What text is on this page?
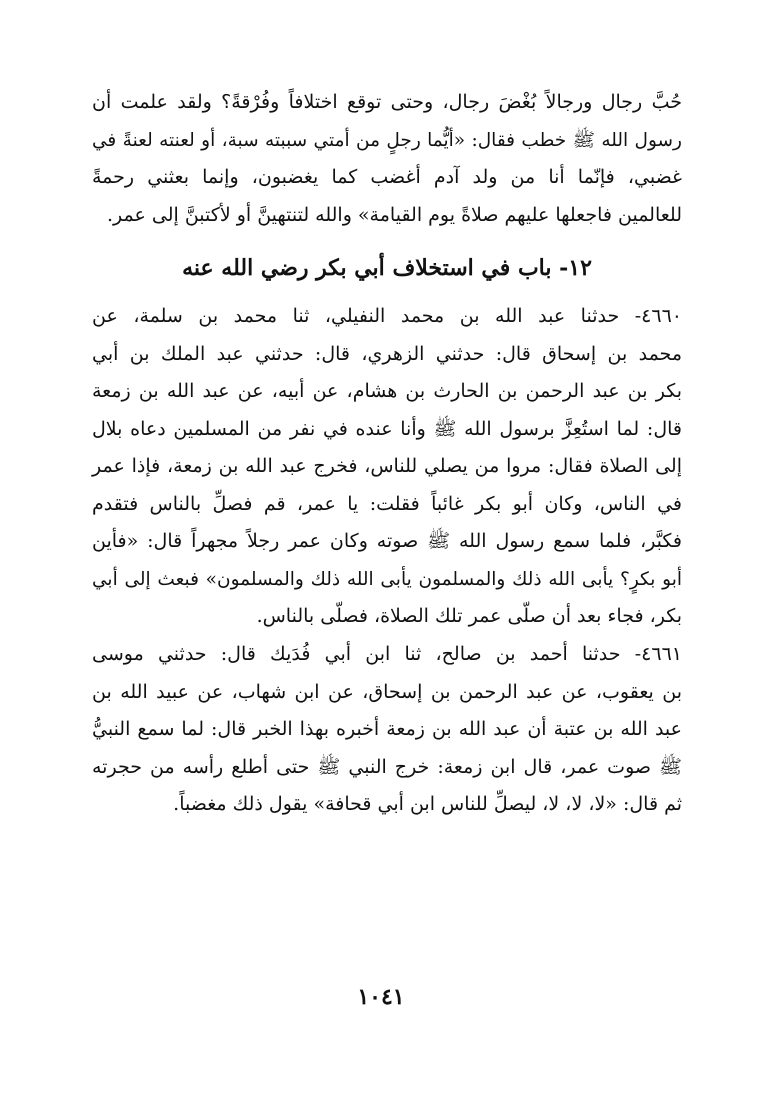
حُبَّ رجال ورجالاً بُغْضَ رجال، وحتى توقع اختلافاً وفُرْقةً؟ ولقد علمت أن
رسول الله ﷺ خطب فقال: «أيُّما رجلٍ من أمتي سببته سبة، أو لعنته لعنةً في
غضبي، فإنّما أنا من ولد آدم أغضب كما يغضبون، وإنما بعثني رحمةً
للعالمين فاجعلها عليهم صلاةً يوم القيامة» والله لتنتهينَّ أو لأكتبنَّ إلى عمر.
١٢- باب في استخلاف أبي بكر رضي الله عنه
٤٦٦٠- حدثنا عبد الله بن محمد النفيلي، ثنا محمد بن سلمة، عن
محمد بن إسحاق قال: حدثني الزهري، قال: حدثني عبد الملك بن أبي
بكر بن عبد الرحمن بن الحارث بن هشام، عن أبيه، عن عبد الله بن زمعة
قال: لما استُعِزَّ برسول الله ﷺ وأنا عنده في نفر من المسلمين دعاه بلال
إلى الصلاة فقال: مروا من يصلي للناس، فخرج عبد الله بن زمعة، فإذا عمر
في الناس، وكان أبو بكر غائباً فقلت: يا عمر، قم فصلِّ بالناس فتقدم
فكبَّر، فلما سمع رسول الله ﷺ صوته وكان عمر رجلاً مجهراً قال: «فأين
أبو بكرٍ؟ يأبى الله ذلك والمسلمون يأبى الله ذلك والمسلمون» فبعث إلى أبي
بكر، فجاء بعد أن صلّى عمر تلك الصلاة، فصلّى بالناس.
٤٦٦١- حدثنا أحمد بن صالح، ثنا ابن أبي فُدَيك قال: حدثني موسى
بن يعقوب، عن عبد الرحمن بن إسحاق، عن ابن شهاب، عن عبيد الله بن
عبد الله بن عتبة أن عبد الله بن زمعة أخبره بهذا الخبر قال: لما سمع النبيُّ
ﷺ صوت عمر، قال ابن زمعة: خرج النبي ﷺ حتى أطلع رأسه من حجرته
ثم قال: «لا، لا، لا، ليصلِّ للناس ابن أبي قحافة» يقول ذلك مغضباً.
١٠٤١
